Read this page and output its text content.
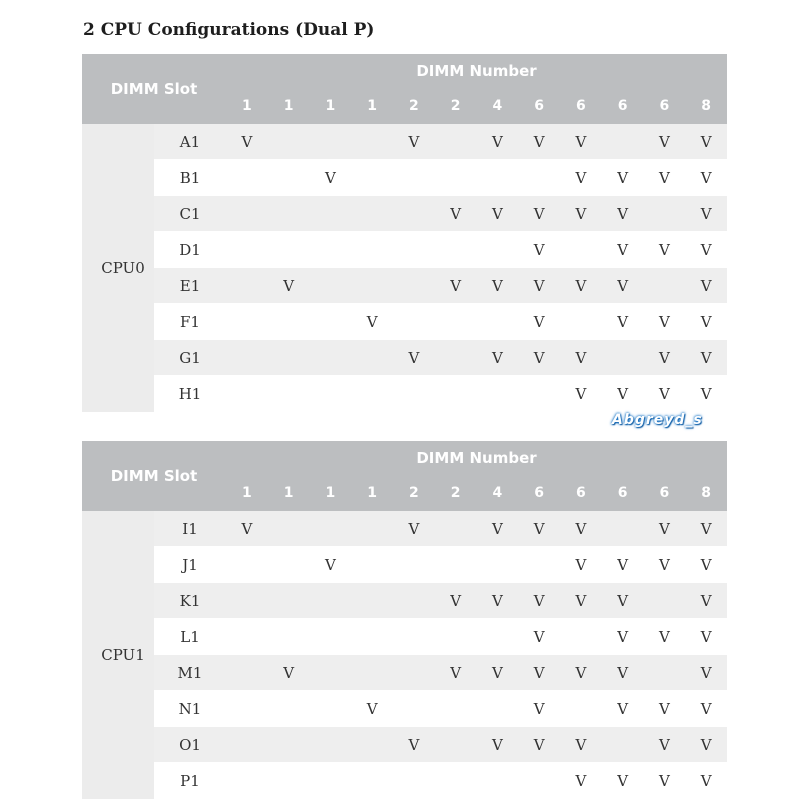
2 CPU Configurations (Dual P)
DIMM Slot		DIMM Number											
		1	1	1	1	2	2	4	6	6	6	6	8
CPU0	A1	V				V		V	V	V		V	V
	B1			V						V	V	V	V
	C1						V	V	V	V	V		V
	D1								V		V	V	V
	E1		V				V	V	V	V	V		V
	F1				V				V		V	V	V
	G1					V		V	V	V		V	V
	H1									V	V	V	V
Abgreyd_s
DIMM Slot		DIMM Number											
		1	1	1	1	2	2	4	6	6	6	6	8
CPU1	I1	V				V		V	V	V		V	V
	J1			V						V	V	V	V
	K1						V	V	V	V	V		V
	L1								V		V	V	V
	M1		V				V	V	V	V	V		V
	N1				V				V		V	V	V
	O1					V		V	V	V		V	V
	P1									V	V	V	V
